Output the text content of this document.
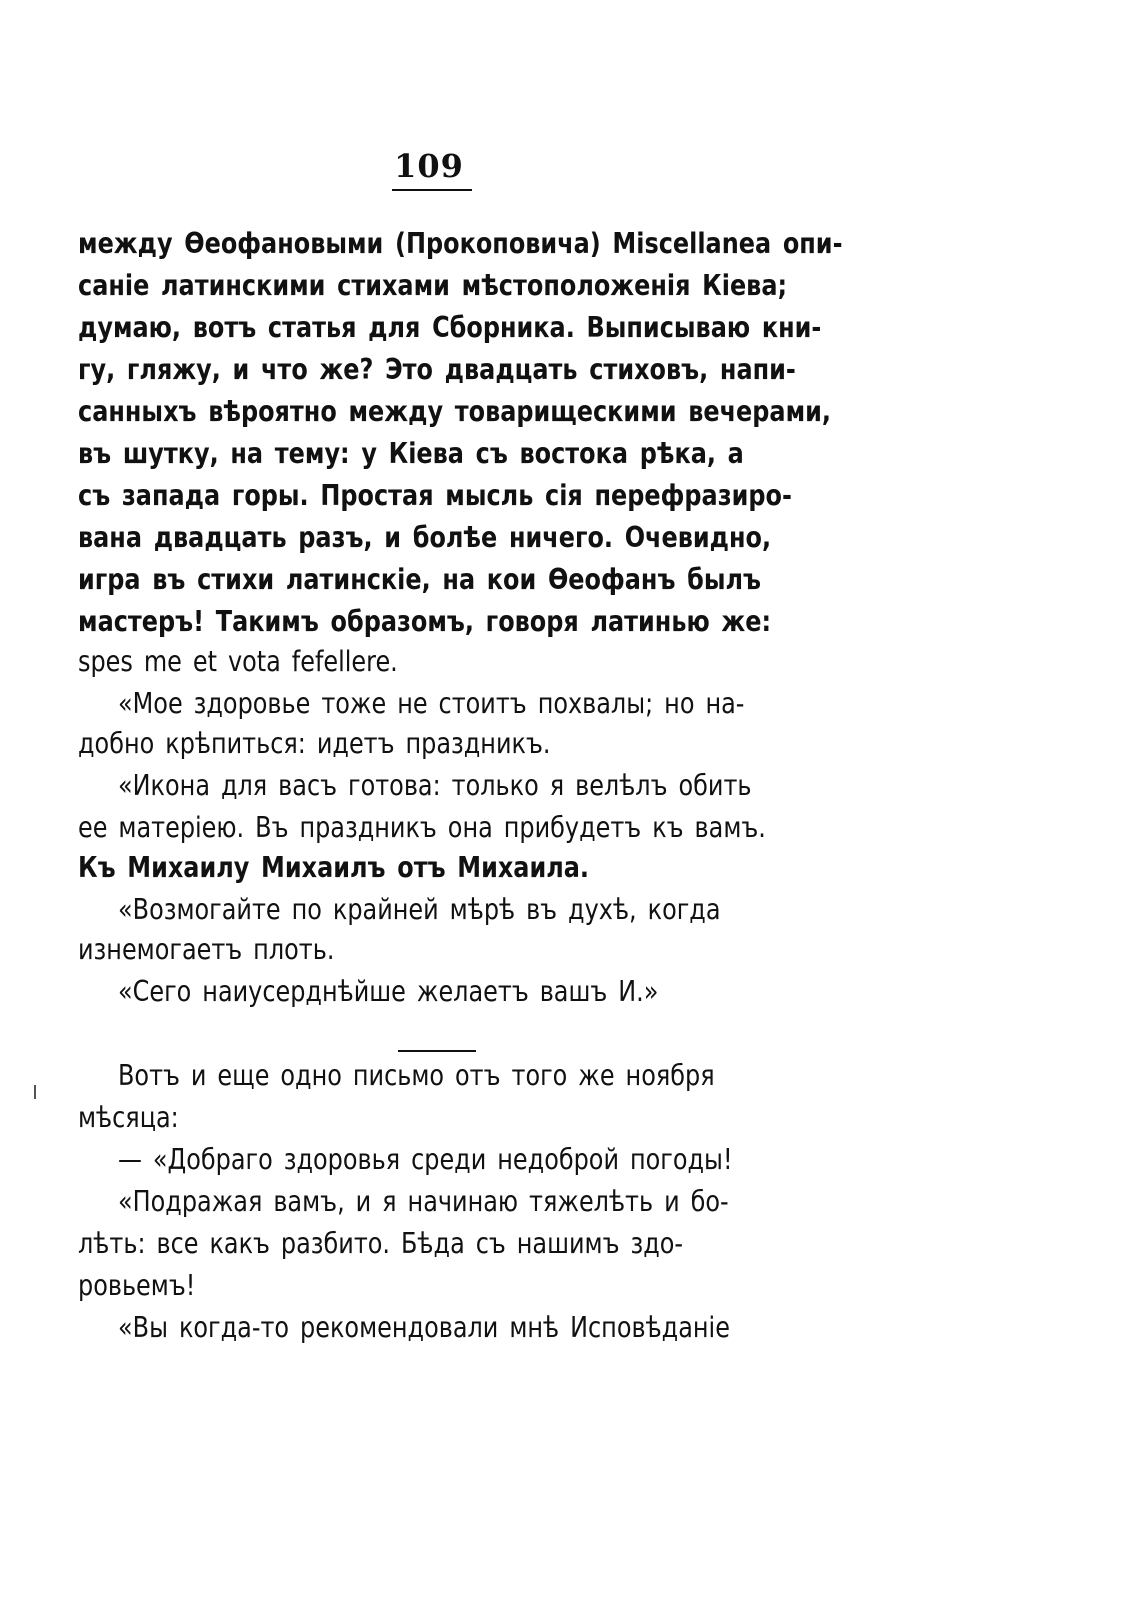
109
между Ѳеофановыми (Прокоповича) Miscellanea опи-
саніе латинскими стихами мѣстоположенія Кіева;
думаю, вотъ статья для Сборника. Выписываю кни-
гу, гляжу, и что же? Это двадцать стиховъ, напи-
санныхъ вѣроятно между товарищескими вечерами,
въ шутку, на тему: у Кіева съ востока рѣка, а
съ запада горы. Простая мысль сія перефразиро-
вана двадцать разъ, и болѣе ничего. Очевидно,
игра въ стихи латинскіе, на кои Ѳеофанъ былъ
мастеръ! Такимъ образомъ, говоря латинью же:
spes me et vota fefellere.
«Мое здоровье тоже не стоитъ похвалы; но на-
добно крѣпиться: идетъ праздникъ.
«Икона для васъ готова: только я велѣлъ обить
ее матеріею. Въ праздникъ она прибудетъ къ вамъ.
Къ Михаилу Михаилъ отъ Михаила.
«Возмогайте по крайней мѣрѣ въ духѣ, когда
изнемогаетъ плоть.
«Сего наиусерднѣйше желаетъ вашъ И.»
Вотъ и еще одно письмо отъ того же ноября
мѣсяца:
— «Добраго здоровья среди недоброй погоды!
«Подражая вамъ, и я начинаю тяжелѣть и бо-
лѣть: все какъ разбито. Бѣда съ нашимъ здо-
ровьемъ!
«Вы когда-то рекомендовали мнѣ Исповѣданіе
